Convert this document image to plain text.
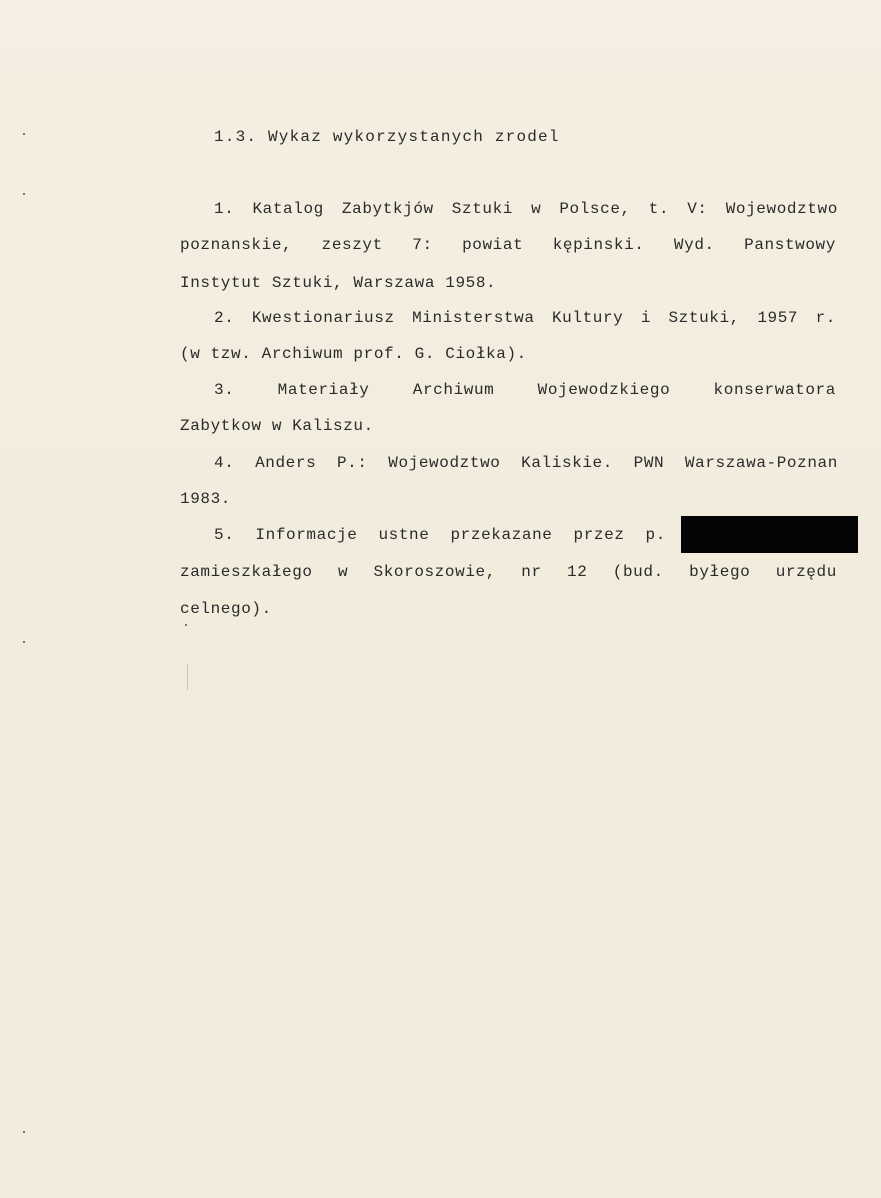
1.3. Wykaz wykorzystanych zrodel
1. Katalog Zabytkjów Sztuki w Polsce, t. V: Wojewodztwo
poznanskie, zeszyt 7: powiat kępinski. Wyd. Panstwowy
Instytut Sztuki, Warszawa 1958.
2. Kwestionariusz Ministerstwa Kultury i Sztuki, 1957 r.
(w tzw. Archiwum prof. G. Ciołka).
3.	Materiały	Archiwum	Wojewodzkiego	konserwatora
Zabytkow w Kaliszu.
4. Anders P.: Wojewodztwo Kaliskie. PWN Warszawa-Poznan
1983.
5. Informacje ustne przekazane przez p.
zamieszkałego w Skoroszowie, nr 12 (bud. byłego urzędu
celnego).
